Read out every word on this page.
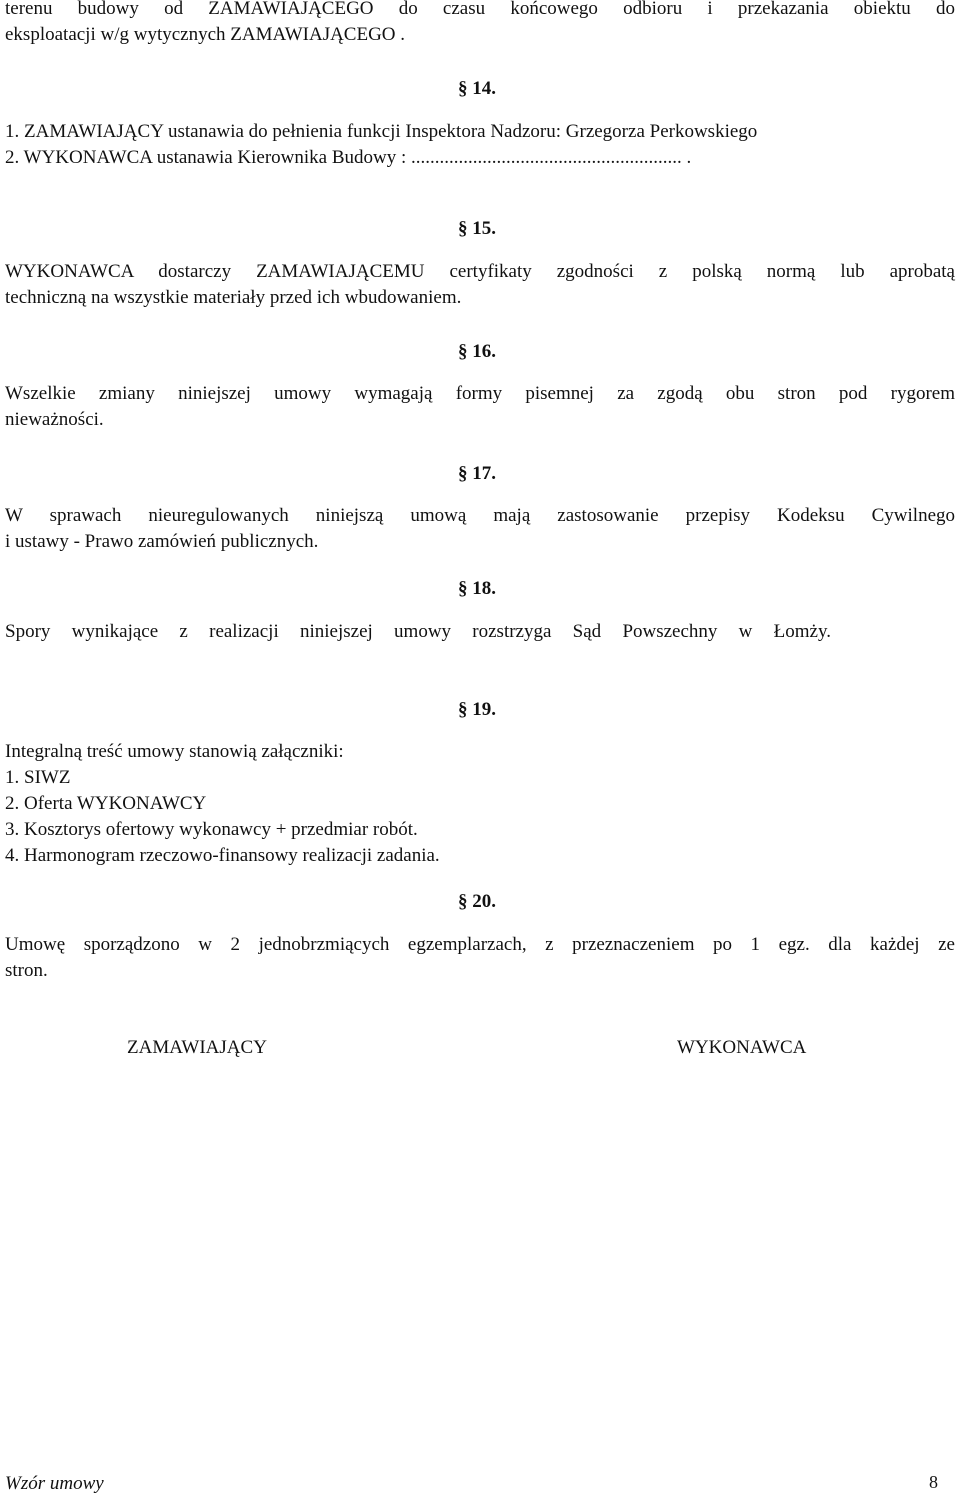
terenu budowy od ZAMAWIAJĄCEGO do czasu końcowego odbioru i przekazania obiektu do
eksploatacji w/g wytycznych ZAMAWIAJĄCEGO .
§ 14.
1. ZAMAWIAJĄCY ustanawia do pełnienia funkcji Inspektora Nadzoru: Grzegorza Perkowskiego
2. WYKONAWCA ustanawia Kierownika Budowy : ......................................................... .
§ 15.
WYKONAWCA dostarczy ZAMAWIAJĄCEMU certyfikaty zgodności z polską normą lub aprobatą
techniczną na wszystkie materiały przed ich wbudowaniem.
§ 16.
Wszelkie zmiany niniejszej umowy wymagają formy pisemnej za zgodą obu stron pod rygorem
nieważności.
§ 17.
W sprawach nieuregulowanych niniejszą umową mają zastosowanie przepisy Kodeksu Cywilnego
i ustawy - Prawo zamówień publicznych.
§ 18.
Spory wynikające z realizacji niniejszej umowy rozstrzyga Sąd Powszechny w Łomży.
§ 19.
Integralną treść umowy stanowią załączniki:
1. SIWZ
2. Oferta WYKONAWCY
3. Kosztorys ofertowy wykonawcy + przedmiar robót.
4. Harmonogram rzeczowo-finansowy realizacji zadania.
§ 20.
Umowę sporządzono w 2 jednobrzmiących egzemplarzach, z przeznaczeniem po 1 egz. dla każdej ze
stron.
ZAMAWIAJĄCY	WYKONAWCA
Wzór umowy	8
